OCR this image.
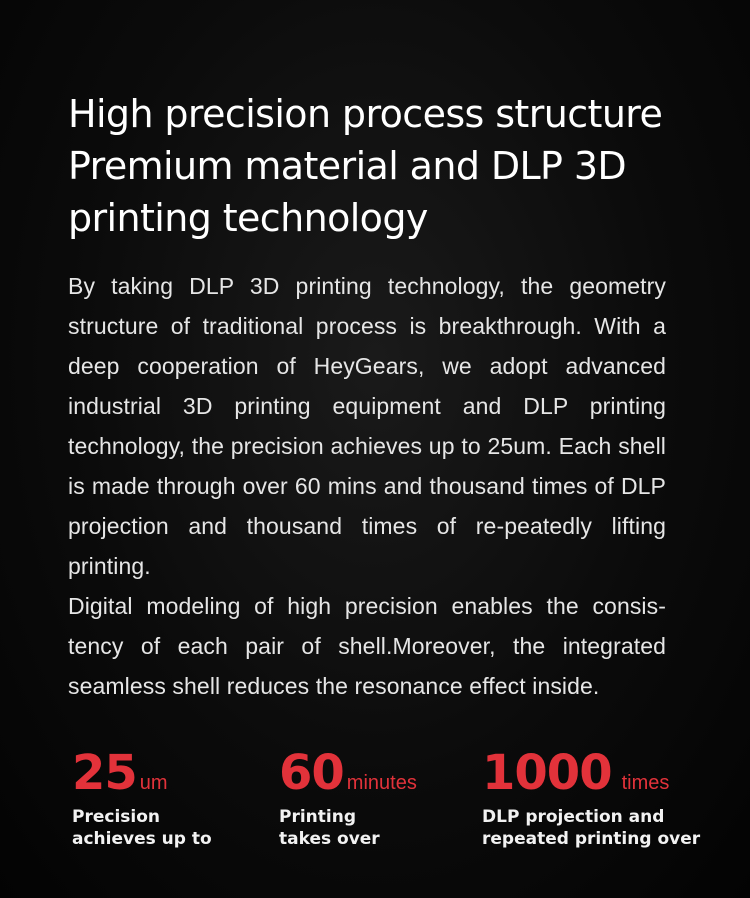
High precision process structure
Premium material and DLP 3D
printing technology

By taking DLP 3D printing technology, the geometry structure of traditional process is breakthrough. With a deep cooperation of HeyGears, we adopt advanced industrial 3D printing equipment and DLP printing technology, the precision achieves up to 25um. Each shell is made through over 60 mins and thousand times of DLP projection and thousand times of re-peatedly lifting printing.

Digital modeling of high precision enables the consis-tency of each pair of shell.Moreover, the integrated seamless shell reduces the resonance effect inside.

25 um
Precision
achieves up to
60 minutes
Printing
takes over
1000 times
DLP projection and
repeated printing over
